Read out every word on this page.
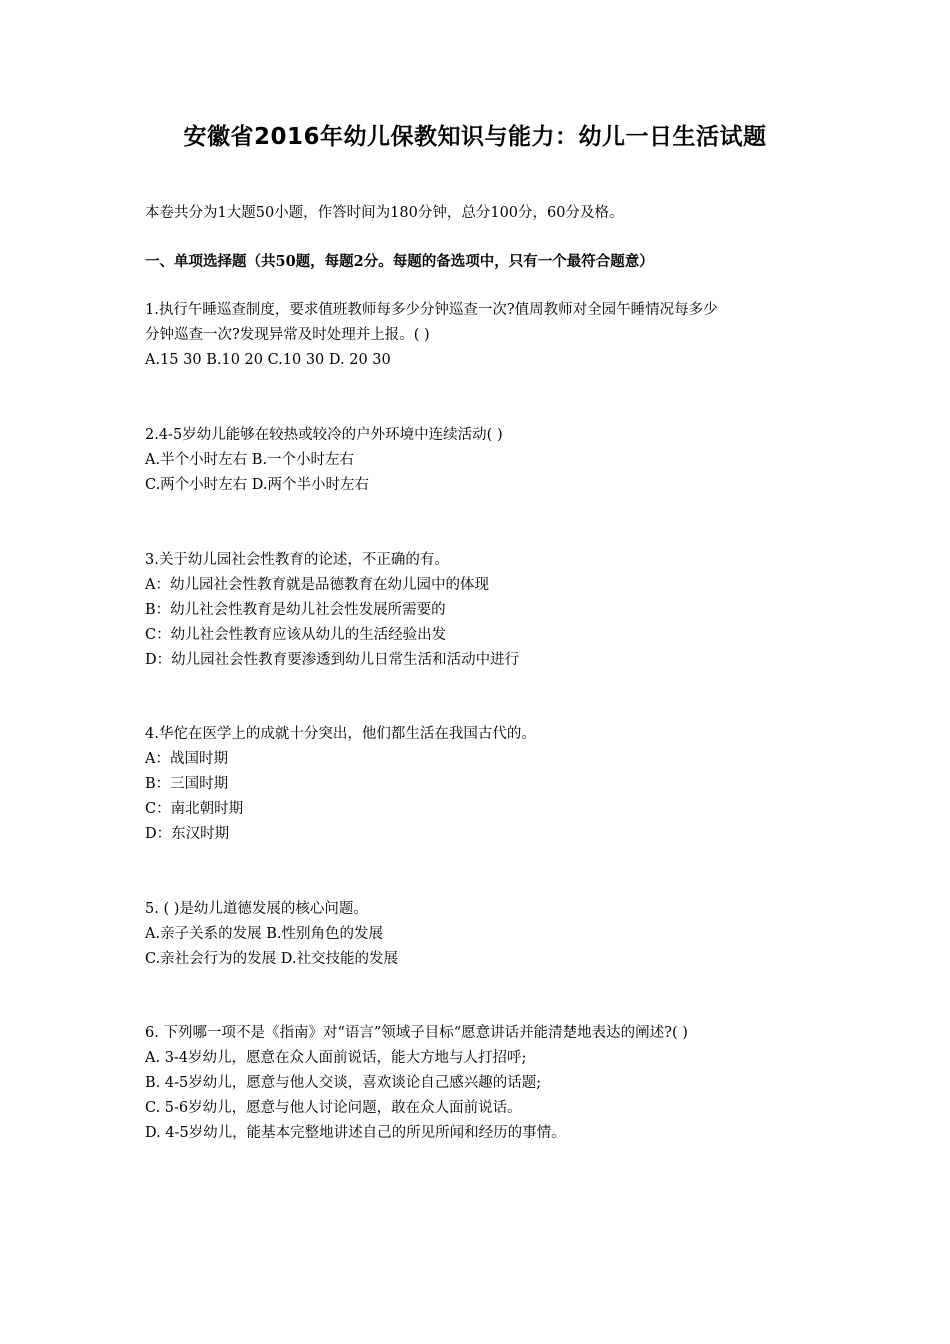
安徽省2016年幼儿保教知识与能力：幼儿一日生活试题
本卷共分为1大题50小题，作答时间为180分钟，总分100分，60分及格。
一、单项选择题（共50题，每题2分。每题的备选项中，只有一个最符合题意）
1.执行午睡巡查制度，要求值班教师每多少分钟巡查一次?值周教师对全园午睡情况每多少
分钟巡查一次?发现异常及时处理并上报。( )
A.15 30 B.10 20 C.10 30 D. 20 30
2.4-5岁幼儿能够在较热或较冷的户外环境中连续活动( )
A.半个小时左右 B.一个小时左右
C.两个小时左右 D.两个半小时左右
3.关于幼儿园社会性教育的论述，不正确的有。
A：幼儿园社会性教育就是品德教育在幼儿园中的体现
B：幼儿社会性教育是幼儿社会性发展所需要的
C：幼儿社会性教育应该从幼儿的生活经验出发
D：幼儿园社会性教育要渗透到幼儿日常生活和活动中进行
4.华佗在医学上的成就十分突出，他们都生活在我国古代的。
A：战国时期
B：三国时期
C：南北朝时期
D：东汉时期
5. ( )是幼儿道德发展的核心问题。
A.亲子关系的发展 B.性别角色的发展
C.亲社会行为的发展 D.社交技能的发展
6. 下列哪一项不是《指南》对“语言”领域子目标“愿意讲话并能清楚地表达的阐述?( )
A. 3-4岁幼儿，愿意在众人面前说话，能大方地与人打招呼;
B. 4-5岁幼儿，愿意与他人交谈，喜欢谈论自己感兴趣的话题;
C. 5-6岁幼儿，愿意与他人讨论问题，敢在众人面前说话。
D. 4-5岁幼儿，能基本完整地讲述自己的所见所闻和经历的事情。
